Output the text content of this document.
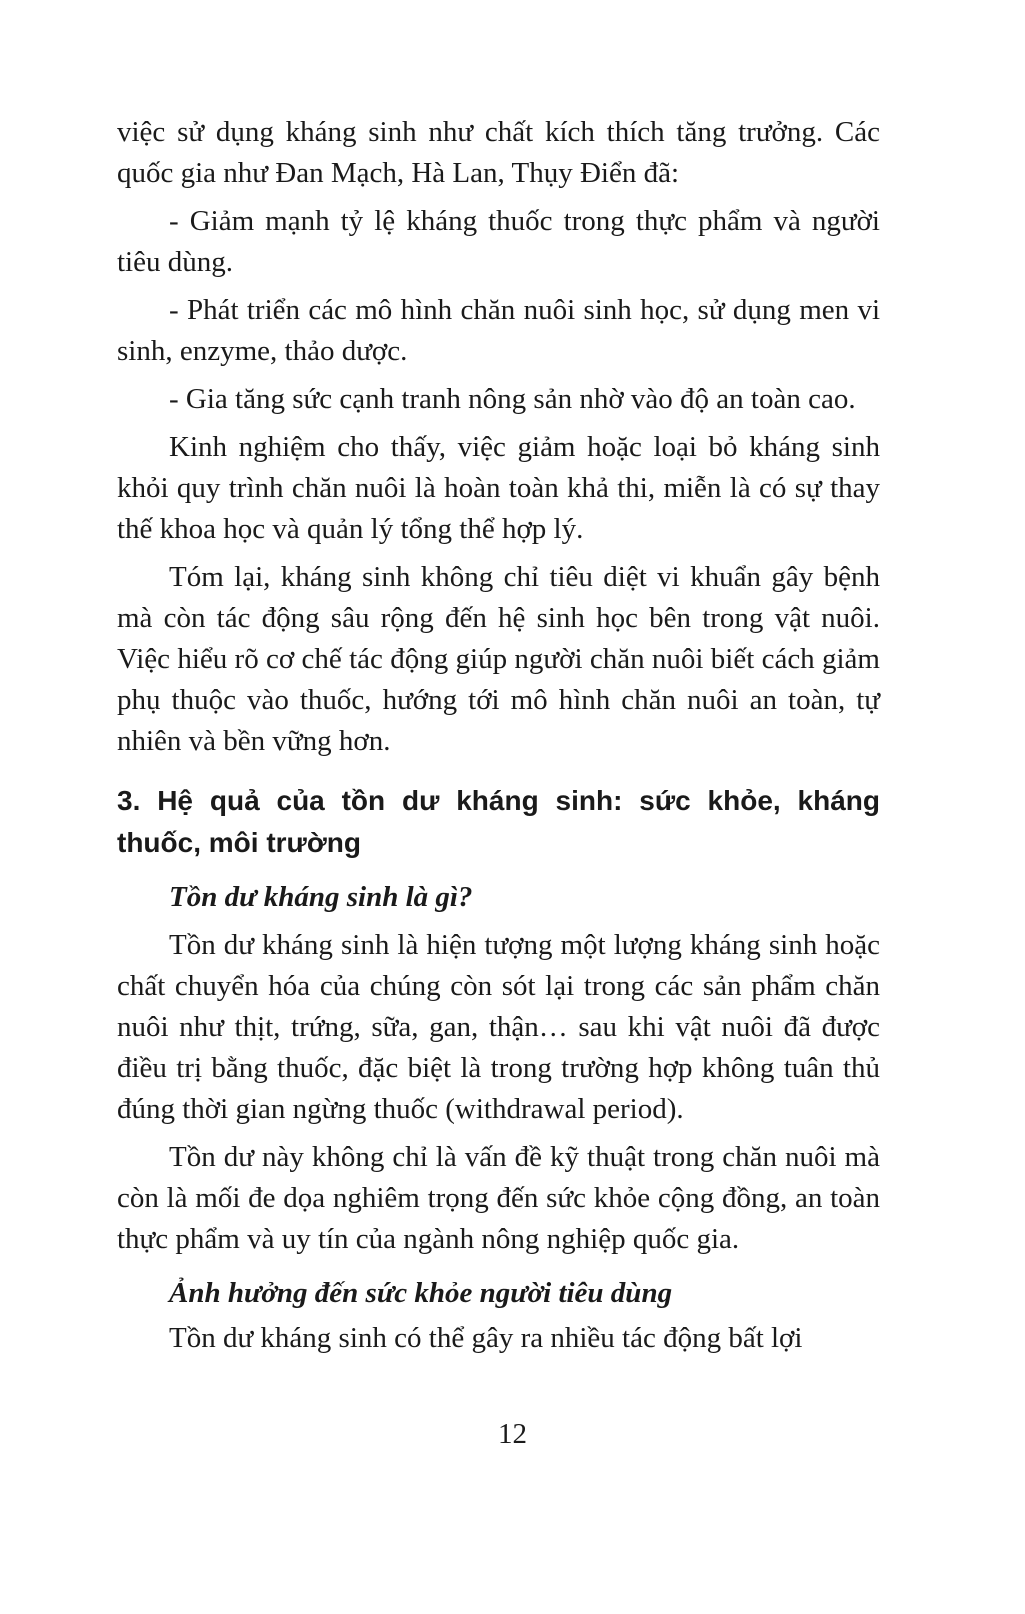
việc sử dụng kháng sinh như chất kích thích tăng trưởng. Các quốc gia như Đan Mạch, Hà Lan, Thụy Điển đã:

- Giảm mạnh tỷ lệ kháng thuốc trong thực phẩm và người tiêu dùng.

- Phát triển các mô hình chăn nuôi sinh học, sử dụng men vi sinh, enzyme, thảo dược.

- Gia tăng sức cạnh tranh nông sản nhờ vào độ an toàn cao.

Kinh nghiệm cho thấy, việc giảm hoặc loại bỏ kháng sinh khỏi quy trình chăn nuôi là hoàn toàn khả thi, miễn là có sự thay thế khoa học và quản lý tổng thể hợp lý.

Tóm lại, kháng sinh không chỉ tiêu diệt vi khuẩn gây bệnh mà còn tác động sâu rộng đến hệ sinh học bên trong vật nuôi. Việc hiểu rõ cơ chế tác động giúp người chăn nuôi biết cách giảm phụ thuộc vào thuốc, hướng tới mô hình chăn nuôi an toàn, tự nhiên và bền vững hơn.

3. Hệ quả của tồn dư kháng sinh: sức khỏe, kháng thuốc, môi trường

Tồn dư kháng sinh là gì?

Tồn dư kháng sinh là hiện tượng một lượng kháng sinh hoặc chất chuyển hóa của chúng còn sót lại trong các sản phẩm chăn nuôi như thịt, trứng, sữa, gan, thận… sau khi vật nuôi đã được điều trị bằng thuốc, đặc biệt là trong trường hợp không tuân thủ đúng thời gian ngừng thuốc (withdrawal period).

Tồn dư này không chỉ là vấn đề kỹ thuật trong chăn nuôi mà còn là mối đe dọa nghiêm trọng đến sức khỏe cộng đồng, an toàn thực phẩm và uy tín của ngành nông nghiệp quốc gia.

Ảnh hưởng đến sức khỏe người tiêu dùng

Tồn dư kháng sinh có thể gây ra nhiều tác động bất lợi

12
